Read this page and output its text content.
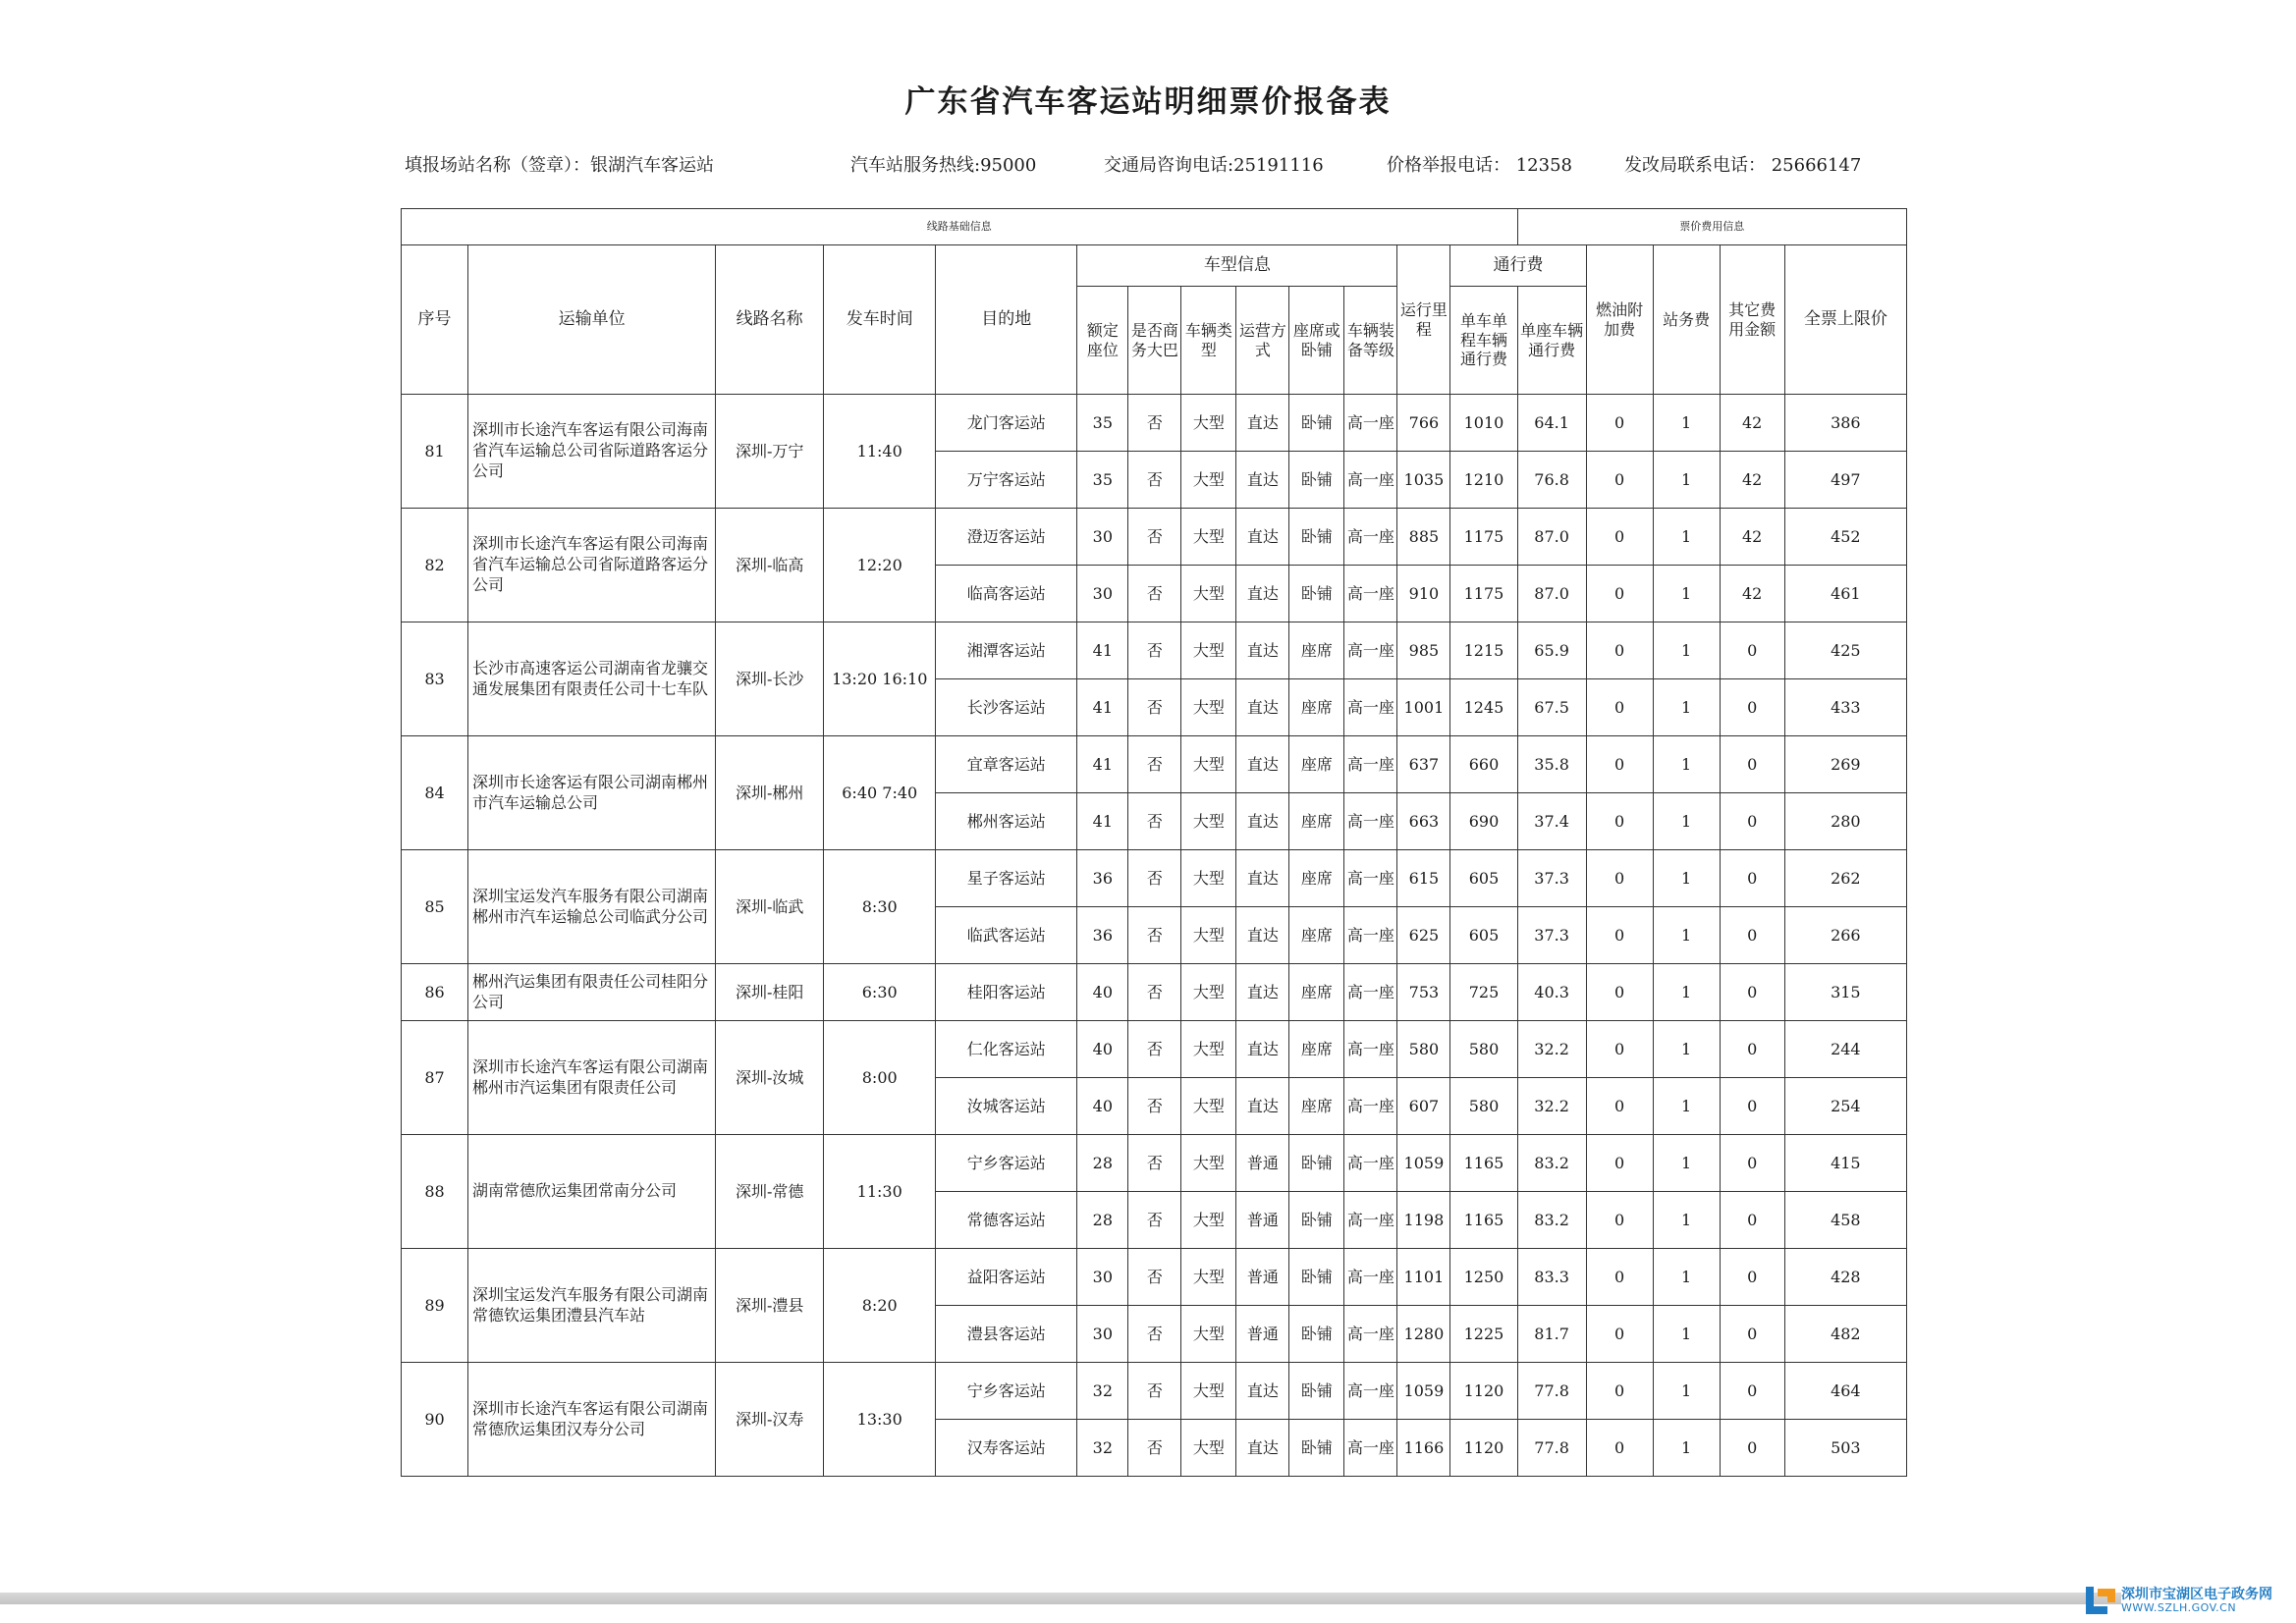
广东省汽车客运站明细票价报备表
填报场站名称（签章）：银湖汽车客运站	汽车站服务热线:95000	交通局咨询电话:25191116	价格举报电话： 12358	发改局联系电话： 25666147
线路基础信息													票价费用信息				
序号	运输单位	线路名称	发车时间	目的地	车型信息						运行里程	通行费		燃油附加费	站务费	其它费用金额	全票上限价
					额定座位	是否商务大巴	车辆类型	运营方式	座席或卧铺	车辆装备等级		单车单程车辆通行费	单座车辆通行费				
81	深圳市长途汽车客运有限公司海南省汽车运输总公司省际道路客运分公司	深圳-万宁	11:40	龙门客运站	35	否	大型	直达	卧铺	高一座	766	1010	64.1	0	1	42	386
				万宁客运站	35	否	大型	直达	卧铺	高一座	1035	1210	76.8	0	1	42	497
82	深圳市长途汽车客运有限公司海南省汽车运输总公司省际道路客运分公司	深圳-临高	12:20	澄迈客运站	30	否	大型	直达	卧铺	高一座	885	1175	87.0	0	1	42	452
				临高客运站	30	否	大型	直达	卧铺	高一座	910	1175	87.0	0	1	42	461
83	长沙市高速客运公司湖南省龙骧交通发展集团有限责任公司十七车队	深圳-长沙	13:20 16:10	湘潭客运站	41	否	大型	直达	座席	高一座	985	1215	65.9	0	1	0	425
				长沙客运站	41	否	大型	直达	座席	高一座	1001	1245	67.5	0	1	0	433
84	深圳市长途客运有限公司湖南郴州市汽车运输总公司	深圳-郴州	6:40 7:40	宜章客运站	41	否	大型	直达	座席	高一座	637	660	35.8	0	1	0	269
				郴州客运站	41	否	大型	直达	座席	高一座	663	690	37.4	0	1	0	280
85	深圳宝运发汽车服务有限公司湖南郴州市汽车运输总公司临武分公司	深圳-临武	8:30	星子客运站	36	否	大型	直达	座席	高一座	615	605	37.3	0	1	0	262
				临武客运站	36	否	大型	直达	座席	高一座	625	605	37.3	0	1	0	266
86	郴州汽运集团有限责任公司桂阳分公司	深圳-桂阳	6:30	桂阳客运站	40	否	大型	直达	座席	高一座	753	725	40.3	0	1	0	315
87	深圳市长途汽车客运有限公司湖南郴州市汽运集团有限责任公司	深圳-汝城	8:00	仁化客运站	40	否	大型	直达	座席	高一座	580	580	32.2	0	1	0	244
				汝城客运站	40	否	大型	直达	座席	高一座	607	580	32.2	0	1	0	254
88	湖南常德欣运集团常南分公司	深圳-常德	11:30	宁乡客运站	28	否	大型	普通	卧铺	高一座	1059	1165	83.2	0	1	0	415
				常德客运站	28	否	大型	普通	卧铺	高一座	1198	1165	83.2	0	1	0	458
89	深圳宝运发汽车服务有限公司湖南常德钦运集团澧县汽车站	深圳-澧县	8:20	益阳客运站	30	否	大型	普通	卧铺	高一座	1101	1250	83.3	0	1	0	428
				澧县客运站	30	否	大型	普通	卧铺	高一座	1280	1225	81.7	0	1	0	482
90	深圳市长途汽车客运有限公司湖南常德欣运集团汉寿分公司	深圳-汉寿	13:30	宁乡客运站	32	否	大型	直达	卧铺	高一座	1059	1120	77.8	0	1	0	464
				汉寿客运站	32	否	大型	直达	卧铺	高一座	1166	1120	77.8	0	1	0	503
深圳市宝湖区电子政务网
WWW.SZLH.GOV.CN
